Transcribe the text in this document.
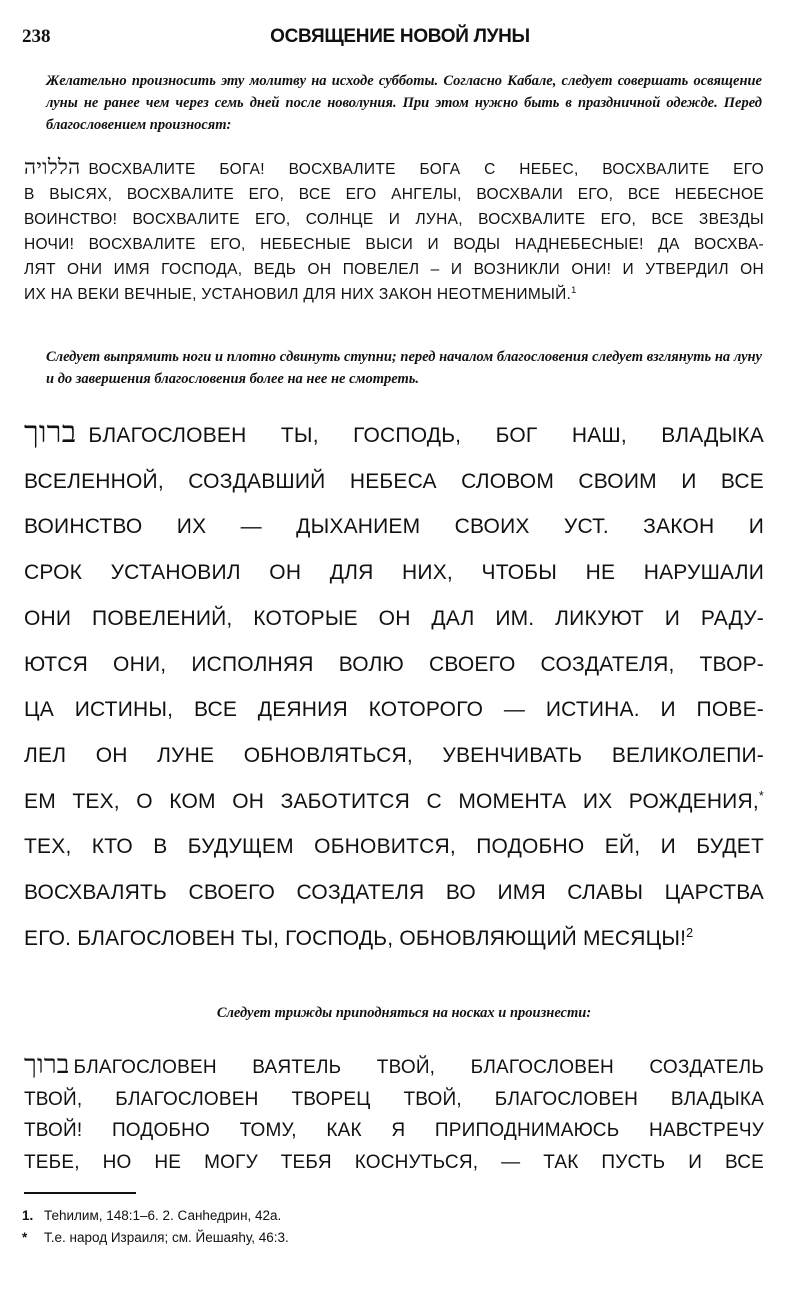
238	ОСВЯЩЕНИЕ НОВОЙ ЛУНЫ
Желательно произносить эту молитву на исходе субботы. Согласно Кабале, следует совершать освящение луны не ранее чем через семь дней после новолуния. При этом нужно быть в праздничной одежде. Перед благословением произносят:
הללויה ВОСХВАЛИТЕ БОГА! ВОСХВАЛИТЕ БОГА С НЕБЕС, ВОСХВАЛИТЕ ЕГО
В ВЫСЯХ, ВОСХВАЛИТЕ ЕГО, ВСЕ ЕГО АНГЕЛЫ, ВОСХВАЛИ ЕГО, ВСЕ НЕБЕСНОЕ
ВОИНСТВО! ВОСХВАЛИТЕ ЕГО, СОЛНЦЕ И ЛУНА, ВОСХВАЛИТЕ ЕГО, ВСЕ ЗВЕЗДЫ
НОЧИ! ВОСХВАЛИТЕ ЕГО, НЕБЕСНЫЕ ВЫСИ И ВОДЫ НАДНЕБЕСНЫЕ! ДА ВОСХВА-
ЛЯТ ОНИ ИМЯ ГОСПОДА, ВЕДЬ ОН ПОВЕЛЕЛ – И ВОЗНИКЛИ ОНИ! И УТВЕРДИЛ ОН
ИХ НА ВЕКИ ВЕЧНЫЕ, УСТАНОВИЛ ДЛЯ НИХ ЗАКОН НЕОТМЕНИМЫЙ.$^1$
Следует выпрямить ноги и плотно сдвинуть ступни; перед началом благословения следует взглянуть на луну и до завершения благословения более на нее не смотреть.
ברוך БЛАГОСЛОВЕН ТЫ, ГОСПОДЬ, БОГ НАШ, ВЛАДЫКА
ВСЕЛЕННОЙ, СОЗДАВШИЙ НЕБЕСА СЛОВОМ СВОИМ И ВСЕ
ВОИНСТВО ИХ — ДЫХАНИЕМ СВОИХ УСТ. ЗАКОН И
СРОК УСТАНОВИЛ ОН ДЛЯ НИХ, ЧТОБЫ НЕ НАРУШАЛИ
ОНИ ПОВЕЛЕНИЙ, КОТОРЫЕ ОН ДАЛ ИМ. ЛИКУЮТ И РАДУ-
ЮТСЯ ОНИ, ИСПОЛНЯЯ ВОЛЮ СВОЕГО СОЗДАТЕЛЯ, ТВОР-
ЦА ИСТИНЫ, ВСЕ ДЕЯНИЯ КОТОРОГО — ИСТИНА. И ПОВЕ-
ЛЕЛ ОН ЛУНЕ ОБНОВЛЯТЬСЯ, УВЕНЧИВАТЬ ВЕЛИКОЛЕПИ-
ЕМ ТЕХ, О КОМ ОН ЗАБОТИТСЯ С МОМЕНТА ИХ РОЖДЕНИЯ,*
ТЕХ, КТО В БУДУЩЕМ ОБНОВИТСЯ, ПОДОБНО ЕЙ, И БУДЕТ
ВОСХВАЛЯТЬ СВОЕГО СОЗДАТЕЛЯ ВО ИМЯ СЛАВЫ ЦАРСТВА
ЕГО. БЛАГОСЛОВЕН ТЫ, ГОСПОДЬ, ОБНОВЛЯЮЩИЙ МЕСЯЦЫ!$^2$
Следует трижды приподняться на носках и произнести:
ברוך БЛАГОСЛОВЕН ВАЯТЕЛЬ ТВОЙ, БЛАГОСЛОВЕН СОЗДАТЕЛЬ
ТВОЙ, БЛАГОСЛОВЕН ТВОРЕЦ ТВОЙ, БЛАГОСЛОВЕН ВЛАДЫКА
ТВОЙ! ПОДОБНО ТОМУ, КАК Я ПРИПОДНИМАЮСЬ НАВСТРЕЧУ
ТЕБЕ, НО НЕ МОГУ ТЕБЯ КОСНУТЬСЯ, — ТАК ПУСТЬ И ВСЕ
1. Теһилим, 148:1–6. 2. Санһедрин, 42а.
* Т.е. народ Израиля; см. Йешаяһу, 46:3.
